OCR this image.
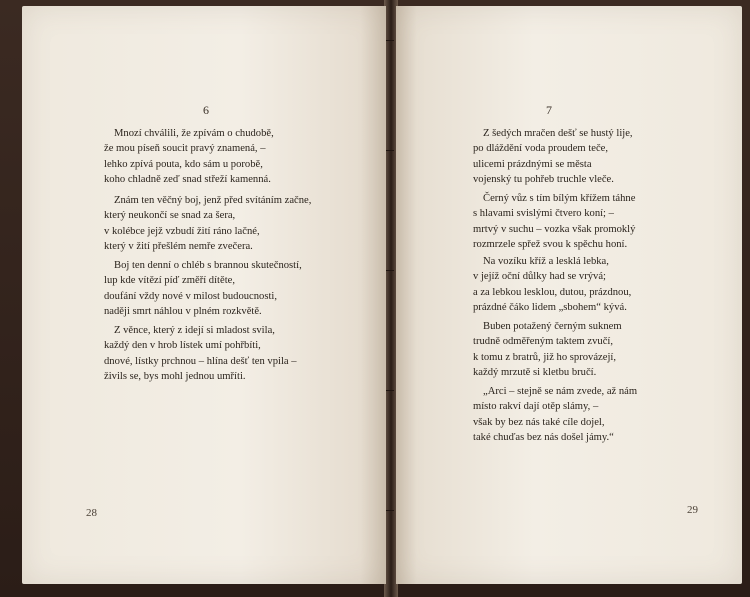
6
Mnozí chválili, že zpívám o chudobě,
že mou píseň soucit pravý znamená, –
lehko zpívá pouta, kdo sám u porobě,
koho chladně zeď snad střeží kamenná.
Znám ten věčný boj, jenž před svítáním začne,
který neukončí se snad za šera,
v kolébce jejž vzbudí žití ráno lačné,
který v žití přešlém nemře zvečera.
Boj ten denní o chléb s brannou skutečností,
lup kde vítězí píď změří dítěte,
doufání vždy nové v milost budoucnosti,
naději smrt náhlou v plném rozkvětě.
Z věnce, který z idejí si mladost svila,
každý den v hrob lístek umí pohřbíti,
dnové, lístky prchnou – hlína dešť ten vpila –
živils se, bys mohl jednou umříti.
28
7
Z šedých mračen dešť se hustý lije,
po dláždění voda proudem teče,
ulicemi prázdnými se města
vojenský tu pohřeb truchle vleče.
Černý vůz s tím bílým křížem táhne
s hlavami svislými čtvero koní; –
mrtvý v suchu – vozka však promoklý
rozmrzele spřež svou k spěchu honí.
Na vozíku kříž a lesklá lebka,
v jejíž oční důlky had se vrývá;
a za lebkou lesklou, dutou, prázdnou,
prázdné čáko lidem „sbohem“ kývá.
Buben potažený černým suknem
trudně odměřeným taktem zvučí,
k tomu z bratrů, již ho sprovázejí,
každý mrzutě si kletbu bručí.
„Arci – stejně se nám zvede, až nám
místo rakví dají otěp slámy, –
však by bez nás také cíle dojel,
také chuďas bez nás došel jámy.“
29
